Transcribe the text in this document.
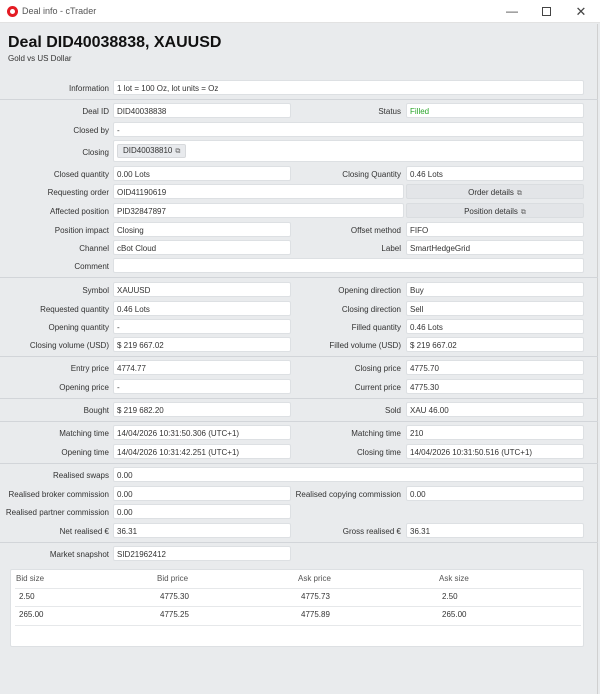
Deal info - cTrader	—	✕
Deal DID40038838, XAUUSD
Gold vs US Dollar
Information	1 lot = 100 Oz, lot units = Oz
Deal ID	DID40038838	Status	Filled
Closed by	-
Closing	DID40038810 ⧉
Closed quantity	0.00 Lots	Closing Quantity	0.46 Lots
Requesting order	OID41190619	Order details ⧉
Affected position	PID32847897	Position details ⧉
Position impact	Closing	Offset method	FIFO
Channel	cBot Cloud	Label	SmartHedgeGrid
Comment
Symbol	XAUUSD	Opening direction	Buy
Requested quantity	0.46 Lots	Closing direction	Sell
Opening quantity	-	Filled quantity	0.46 Lots
Closing volume (USD)	$ 219 667.02	Filled volume (USD)	$ 219 667.02
Entry price	4774.77	Closing price	4775.70
Opening price	-	Current price	4775.30
Bought	$ 219 682.20	Sold	XAU 46.00
Matching time	14/04/2026 10:31:50.306 (UTC+1)	Matching time	210
Opening time	14/04/2026 10:31:42.251 (UTC+1)	Closing time	14/04/2026 10:31:50.516 (UTC+1)
Realised swaps	0.00
Realised broker commission	0.00	Realised copying commission	0.00
Realised partner commission	0.00
Net realised €	36.31	Gross realised €	36.31
Market snapshot	SID21962412
Bid size	Bid price	Ask price	Ask size
2.50	4775.30	4775.73	2.50
265.00	4775.25	4775.89	265.00
